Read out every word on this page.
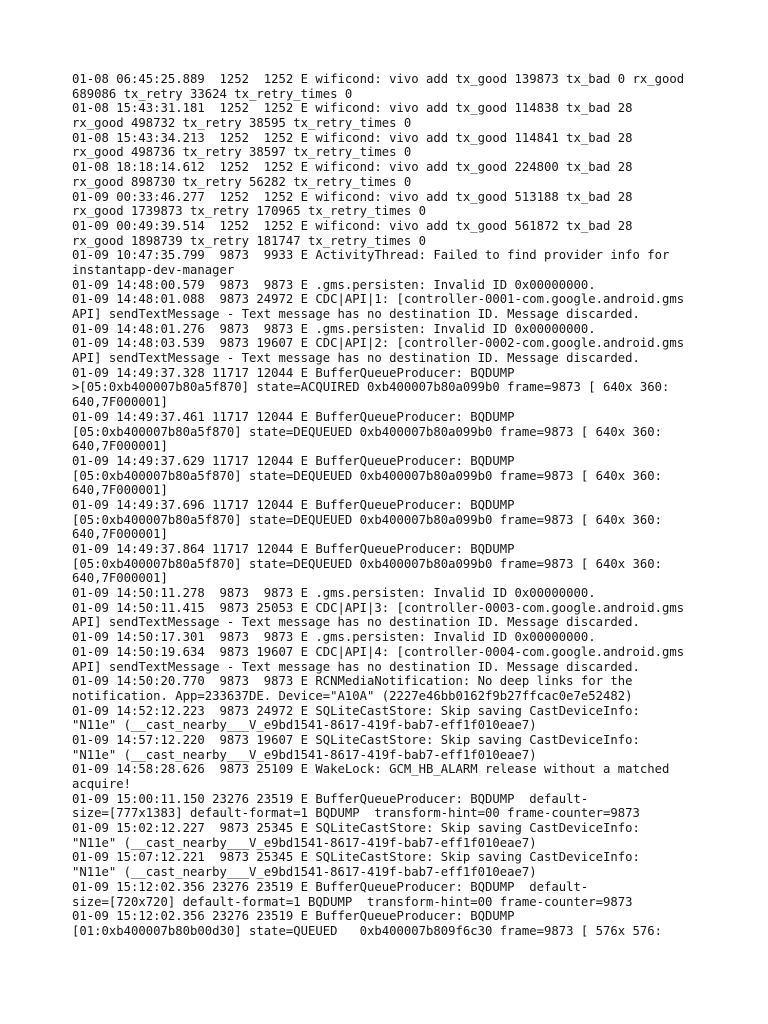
01-08 06:45:25.889  1252  1252 E wificond: vivo add tx_good 139873 tx_bad 0 rx_good
689086 tx_retry 33624 tx_retry_times 0
01-08 15:43:31.181  1252  1252 E wificond: vivo add tx_good 114838 tx_bad 28
rx_good 498732 tx_retry 38595 tx_retry_times 0
01-08 15:43:34.213  1252  1252 E wificond: vivo add tx_good 114841 tx_bad 28
rx_good 498736 tx_retry 38597 tx_retry_times 0
01-08 18:18:14.612  1252  1252 E wificond: vivo add tx_good 224800 tx_bad 28
rx_good 898730 tx_retry 56282 tx_retry_times 0
01-09 00:33:46.277  1252  1252 E wificond: vivo add tx_good 513188 tx_bad 28
rx_good 1739873 tx_retry 170965 tx_retry_times 0
01-09 00:49:39.514  1252  1252 E wificond: vivo add tx_good 561872 tx_bad 28
rx_good 1898739 tx_retry 181747 tx_retry_times 0
01-09 10:47:35.799  9873  9933 E ActivityThread: Failed to find provider info for
instantapp-dev-manager
01-09 14:48:00.579  9873  9873 E .gms.persisten: Invalid ID 0x00000000.
01-09 14:48:01.088  9873 24972 E CDC|API|1: [controller-0001-com.google.android.gms
API] sendTextMessage - Text message has no destination ID. Message discarded.
01-09 14:48:01.276  9873  9873 E .gms.persisten: Invalid ID 0x00000000.
01-09 14:48:03.539  9873 19607 E CDC|API|2: [controller-0002-com.google.android.gms
API] sendTextMessage - Text message has no destination ID. Message discarded.
01-09 14:49:37.328 11717 12044 E BufferQueueProducer: BQDUMP
>[05:0xb400007b80a5f870] state=ACQUIRED 0xb400007b80a099b0 frame=9873 [ 640x 360:
640,7F000001]
01-09 14:49:37.461 11717 12044 E BufferQueueProducer: BQDUMP
[05:0xb400007b80a5f870] state=DEQUEUED 0xb400007b80a099b0 frame=9873 [ 640x 360:
640,7F000001]
01-09 14:49:37.629 11717 12044 E BufferQueueProducer: BQDUMP
[05:0xb400007b80a5f870] state=DEQUEUED 0xb400007b80a099b0 frame=9873 [ 640x 360:
640,7F000001]
01-09 14:49:37.696 11717 12044 E BufferQueueProducer: BQDUMP
[05:0xb400007b80a5f870] state=DEQUEUED 0xb400007b80a099b0 frame=9873 [ 640x 360:
640,7F000001]
01-09 14:49:37.864 11717 12044 E BufferQueueProducer: BQDUMP
[05:0xb400007b80a5f870] state=DEQUEUED 0xb400007b80a099b0 frame=9873 [ 640x 360:
640,7F000001]
01-09 14:50:11.278  9873  9873 E .gms.persisten: Invalid ID 0x00000000.
01-09 14:50:11.415  9873 25053 E CDC|API|3: [controller-0003-com.google.android.gms
API] sendTextMessage - Text message has no destination ID. Message discarded.
01-09 14:50:17.301  9873  9873 E .gms.persisten: Invalid ID 0x00000000.
01-09 14:50:19.634  9873 19607 E CDC|API|4: [controller-0004-com.google.android.gms
API] sendTextMessage - Text message has no destination ID. Message discarded.
01-09 14:50:20.770  9873  9873 E RCNMediaNotification: No deep links for the
notification. App=233637DE. Device="A10A" (2227e46bb0162f9b27ffcac0e7e52482)
01-09 14:52:12.223  9873 24972 E SQLiteCastStore: Skip saving CastDeviceInfo:
"N11e" (__cast_nearby___V_e9bd1541-8617-419f-bab7-eff1f010eae7)
01-09 14:57:12.220  9873 19607 E SQLiteCastStore: Skip saving CastDeviceInfo:
"N11e" (__cast_nearby___V_e9bd1541-8617-419f-bab7-eff1f010eae7)
01-09 14:58:28.626  9873 25109 E WakeLock: GCM_HB_ALARM release without a matched
acquire!
01-09 15:00:11.150 23276 23519 E BufferQueueProducer: BQDUMP  default-
size=[777x1383] default-format=1 BQDUMP  transform-hint=00 frame-counter=9873
01-09 15:02:12.227  9873 25345 E SQLiteCastStore: Skip saving CastDeviceInfo:
"N11e" (__cast_nearby___V_e9bd1541-8617-419f-bab7-eff1f010eae7)
01-09 15:07:12.221  9873 25345 E SQLiteCastStore: Skip saving CastDeviceInfo:
"N11e" (__cast_nearby___V_e9bd1541-8617-419f-bab7-eff1f010eae7)
01-09 15:12:02.356 23276 23519 E BufferQueueProducer: BQDUMP  default-
size=[720x720] default-format=1 BQDUMP  transform-hint=00 frame-counter=9873
01-09 15:12:02.356 23276 23519 E BufferQueueProducer: BQDUMP
[01:0xb400007b80b00d30] state=QUEUED   0xb400007b809f6c30 frame=9873 [ 576x 576:
